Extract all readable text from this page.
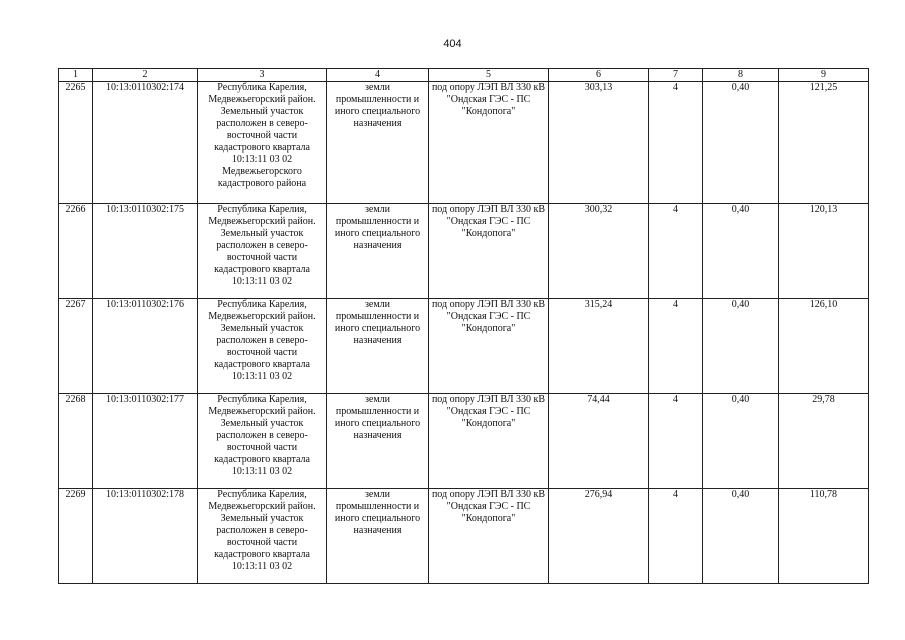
404
1	2	3	4	5	6	7	8	9
2265	10:13:0110302:174	Республика Карелия, Медвежьегорский район. Земельный участок расположен в северо-восточной части кадастрового квартала 10:13:11 03 02 Медвежьегорского кадастрового района	земли промышленности и иного специального назначения	под опору ЛЭП ВЛ 330 кВ "Ондская ГЭС - ПС "Кондопога"	303,13	4	0,40	121,25
2266	10:13:0110302:175	Республика Карелия, Медвежьегорский район. Земельный участок расположен в северо-восточной части кадастрового квартала 10:13:11 03 02	земли промышленности и иного специального назначения	под опору ЛЭП ВЛ 330 кВ "Ондская ГЭС - ПС "Кондопога"	300,32	4	0,40	120,13
2267	10:13:0110302:176	Республика Карелия, Медвежьегорский район. Земельный участок расположен в северо-восточной части кадастрового квартала 10:13:11 03 02	земли промышленности и иного специального назначения	под опору ЛЭП ВЛ 330 кВ "Ондская ГЭС - ПС "Кондопога"	315,24	4	0,40	126,10
2268	10:13:0110302:177	Республика Карелия, Медвежьегорский район. Земельный участок расположен в северо-восточной части кадастрового квартала 10:13:11 03 02	земли промышленности и иного специального назначения	под опору ЛЭП ВЛ 330 кВ "Ондская ГЭС - ПС "Кондопога"	74,44	4	0,40	29,78
2269	10:13:0110302:178	Республика Карелия, Медвежьегорский район. Земельный участок расположен в северо-восточной части кадастрового квартала 10:13:11 03 02	земли промышленности и иного специального назначения	под опору ЛЭП ВЛ 330 кВ "Ондская ГЭС - ПС "Кондопога"	276,94	4	0,40	110,78
